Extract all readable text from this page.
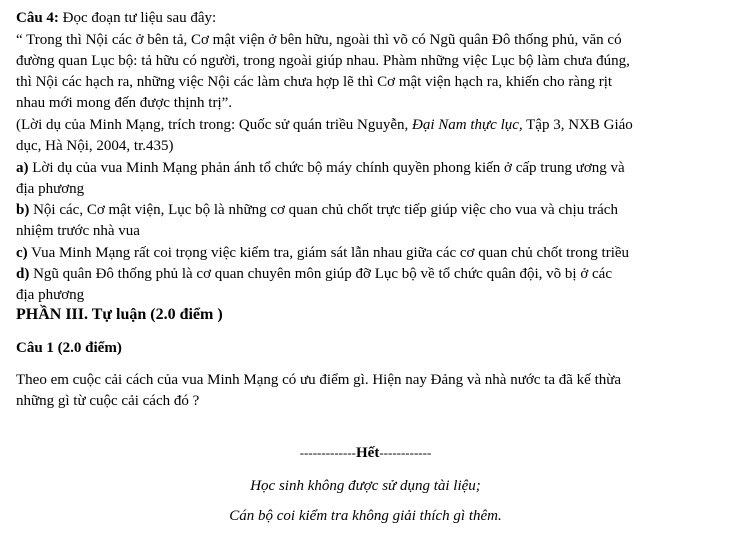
Câu 4: Đọc đoạn tư liệu sau đây:
“ Trong thì Nội các ở bên tả, Cơ mật viện ở bên hữu, ngoài thì võ có Ngũ quân Đô thống phủ, văn có
đường quan Lục bộ: tả hữu có người, trong ngoài giúp nhau. Phàm những việc Lục bộ làm chưa đúng,
thì Nội các hạch ra, những việc Nội các làm chưa hợp lẽ thì Cơ mật viện hạch ra, khiến cho ràng rịt
nhau mới mong đến được thịnh trị”.
(Lời dụ của Minh Mạng, trích trong: Quốc sử quán triều Nguyễn, Đại Nam thực lục, Tập 3, NXB Giáo
dục, Hà Nội, 2004, tr.435)
a) Lời dụ của vua Minh Mạng phản ánh tổ chức bộ máy chính quyền phong kiến ở cấp trung ương và
địa phương
b) Nội các, Cơ mật viện, Lục bộ là những cơ quan chủ chốt trực tiếp giúp việc cho vua và chịu trách
nhiệm trước nhà vua
c) Vua Minh Mạng rất coi trọng việc kiểm tra, giám sát lẫn nhau giữa các cơ quan chủ chốt trong triều
d) Ngũ quân Đô thống phủ là cơ quan chuyên môn giúp đỡ Lục bộ về tổ chức quân đội, võ bị ở các
địa phương
PHẦN III. Tự luận (2.0 điểm )
Câu 1 (2.0 điểm)
Theo em cuộc cải cách của vua Minh Mạng có ưu điểm gì. Hiện nay Đảng và nhà nước ta đã kế thừa
những gì từ cuộc cải cách đó ?
-------------Hết------------
Học sinh không được sử dụng tài liệu;
Cán bộ coi kiểm tra không giải thích gì thêm.
